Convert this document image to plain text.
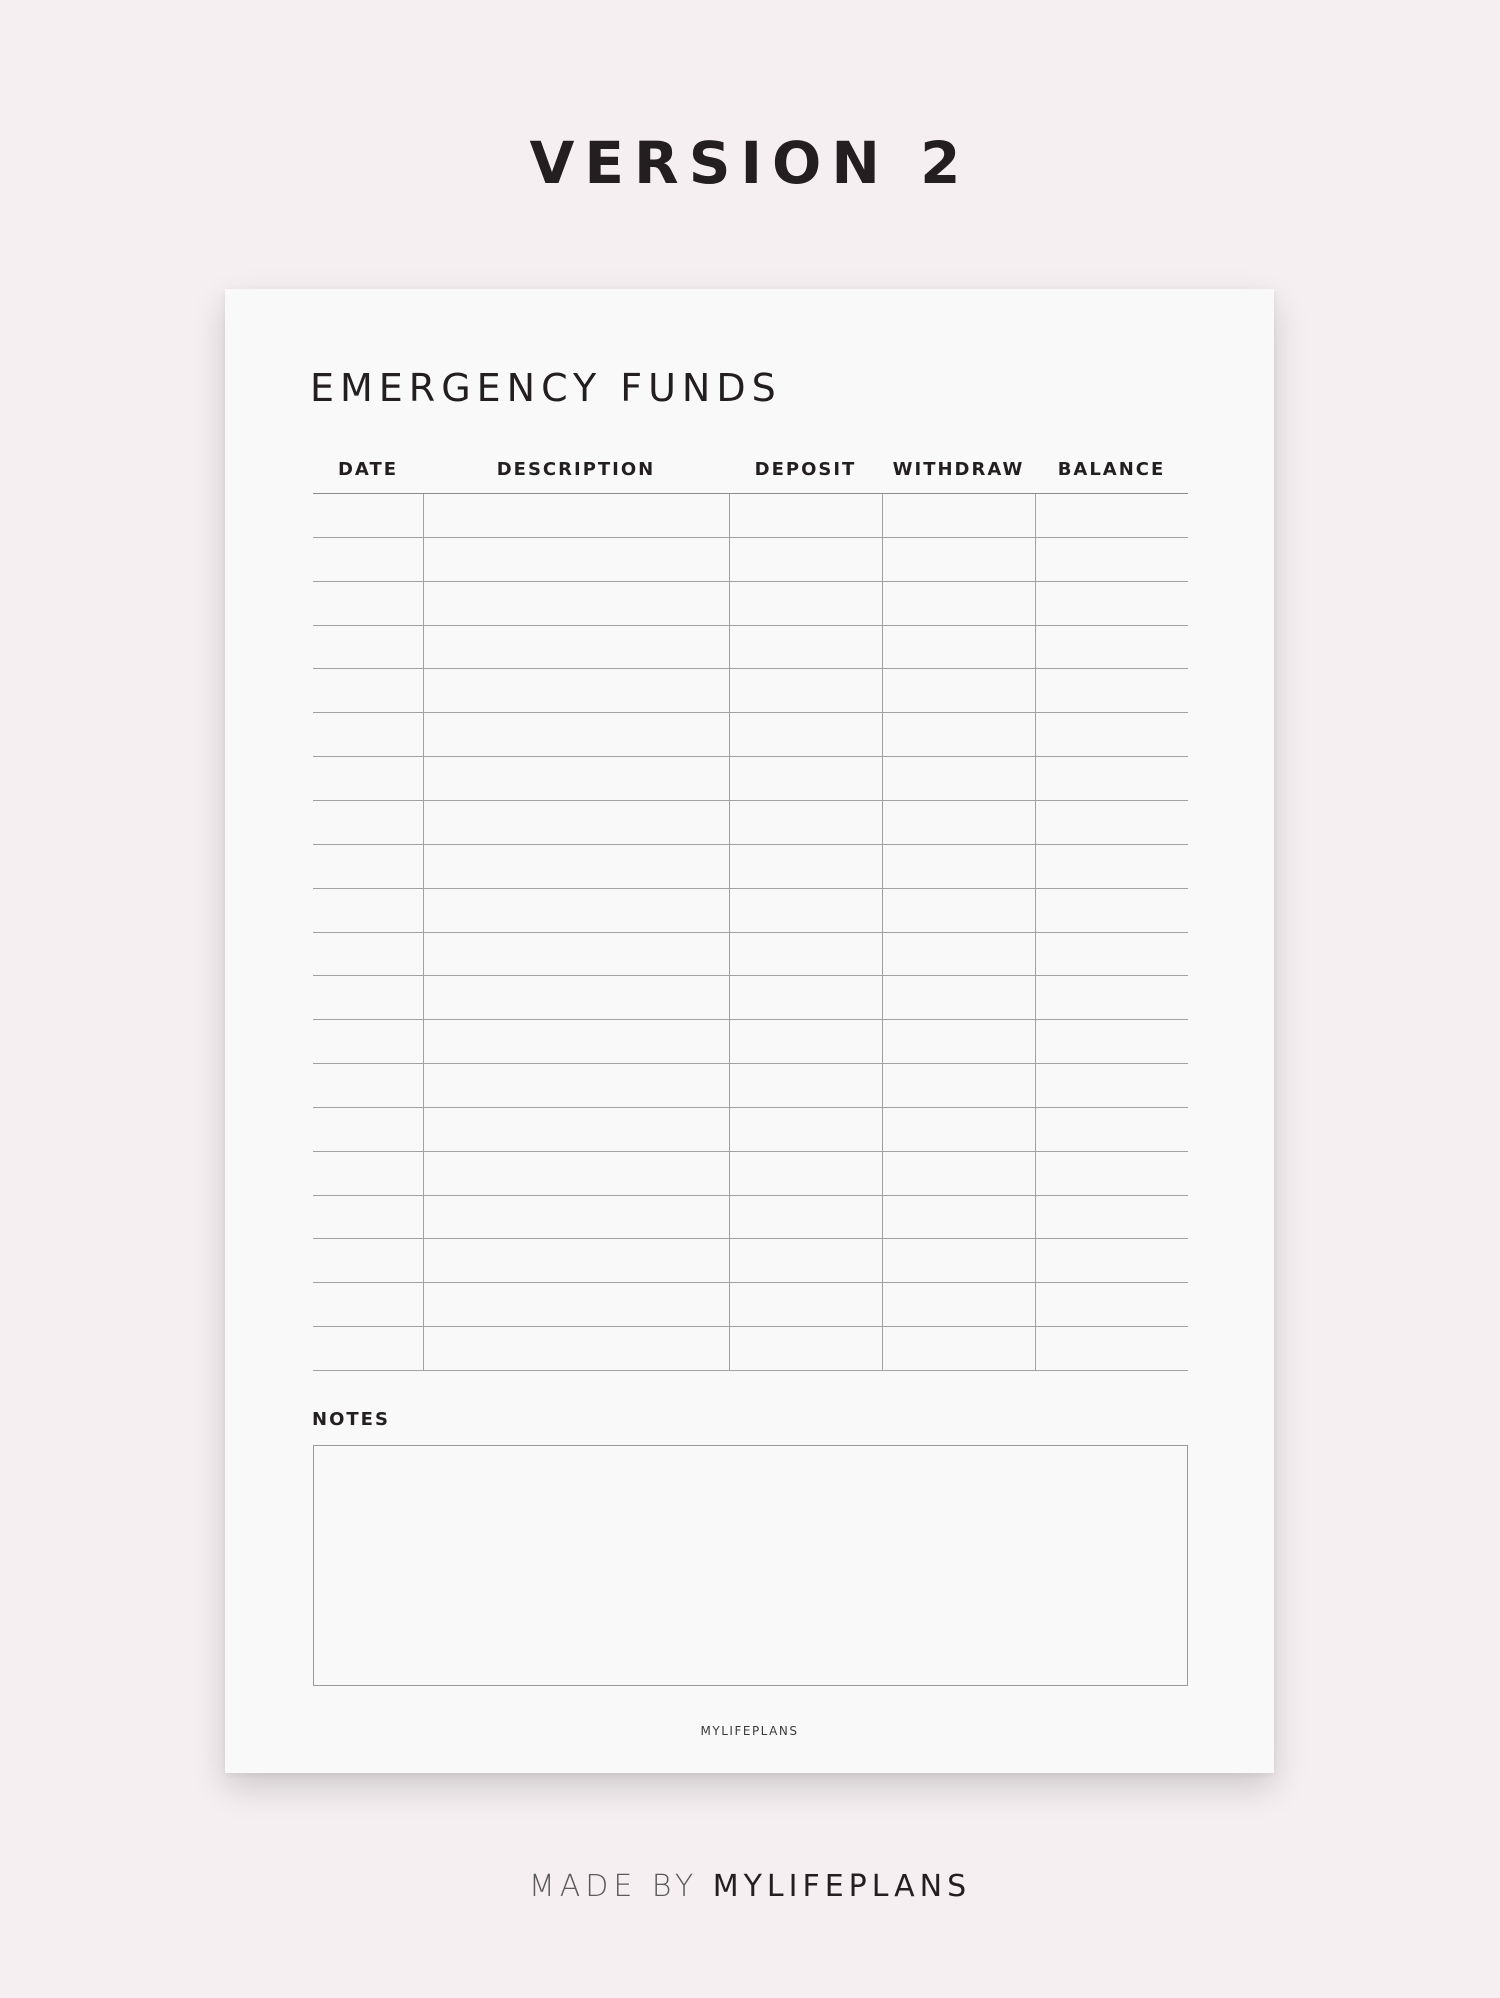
VERSION 2
EMERGENCY FUNDS
DATE	DESCRIPTION	DEPOSIT	WITHDRAW	BALANCE
NOTES
MYLIFEPLANS
MADE BY MYLIFEPLANS
